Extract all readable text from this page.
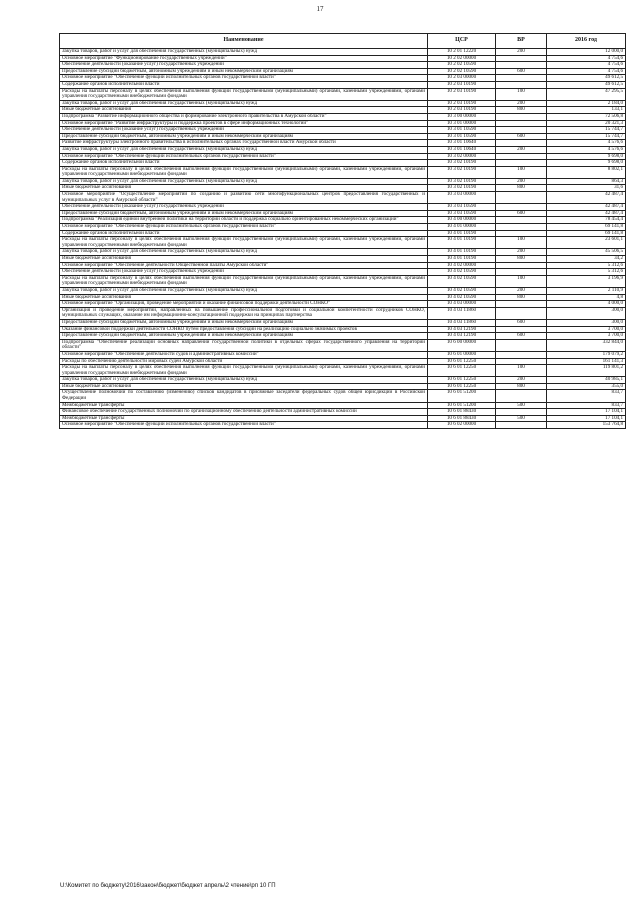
17
Наименование	ЦСР	ВР	2016 год
Закупка товаров, работ и услуг для обеспечения государственных (муниципальных) нужд	10 2 01 12220	200	12 000,0
Основное мероприятие "Функционирование государственных учреждений"	10 2 02 00000		4 754,6
Обеспечение деятельности (оказание услуг) государственных учреждений	10 2 02 10590		4 754,6
Предоставление субсидий бюджетным, автономным учреждениям и иным некоммерческим организациям	10 2 02 10590	600	4 754,6
Основное мероприятие "Обеспечение функций исполнительных органов государственной власти"	10 2 03 00000		49 612,5
Содержание органов исполнительной власти	10 2 03 10190		49 612,5
Расходы на выплаты персоналу в целях обеспечения выполнения функций государственными (муниципальными) органами, казенными учреждениями, органами управления государственными внебюджетными фондами	10 2 03 10190	100	47 295,5
Закупка товаров, работ и услуг для обеспечения государственных (муниципальных) нужд	10 2 03 10190	200	2 184,0
Иные бюджетные ассигнования	10 2 03 10190	800	133,1
Подпрограмма "Развитие информационного общества и формирование электронного правительства в Амурской области"	10 3 00 00000		72 506,8
Основное мероприятие "Развитие инфраструктуры и поддержка проектов в сфере информационных технологий"	10 3 01 00000		20 321,3
Обеспечение деятельности (оказание услуг) государственных учреждений	10 3 01 10590		15 744,7
Предоставление субсидий бюджетным, автономным учреждениям и иным некоммерческим организациям	10 3 01 10590	600	15 744,7
Развитие инфраструктуры электронного правительства в исполнительных органах государственной власти Амурской области	10 3 01 10640		4 576,6
Закупка товаров, работ и услуг для обеспечения государственных (муниципальных) нужд	10 3 01 10640	200	4 576,6
Основное мероприятие "Обеспечение функций исполнительных органов государственной власти"	10 3 02 00000		9 698,0
Содержание органов исполнительной власти	10 3 02 10190		9 698,0
Расходы на выплаты персоналу в целях обеспечения выполнения функций государственными (муниципальными) органами, казенными учреждениями, органами управления государственными внебюджетными фондами	10 3 02 10190	100	8 802,1
Закупка товаров, работ и услуг для обеспечения государственных (муниципальных) нужд	10 3 02 10190	200	864,3
Иные бюджетные ассигнования	10 3 02 10190	800	31,6
Основное мероприятие "Осуществление мероприятий по созданию и развитию сети многофункциональных центров предоставления государственных и муниципальных услуг в Амурской области"	10 3 03 00000		42 487,4
Обеспечение деятельности (оказание услуг) государственных учреждений	10 3 03 10590		42 487,4
Предоставление субсидий бюджетным, автономным учреждениям и иным некоммерческим организациям	10 3 03 10590	600	42 487,4
Подпрограмма "Реализация единой внутренней политики на территории области и поддержка социально ориентированных некоммерческих организаций"	10 4 00 00000		78 454,4
Основное мероприятие "Обеспечение функций исполнительных органов государственной власти"	10 4 01 00000		69 141,8
Содержание органов исполнительной власти	10 4 01 10190		69 141,8
Расходы на выплаты персоналу в целях обеспечения выполнения функций государственными (муниципальными) органами, казенными учреждениями, органами управления государственными внебюджетными фондами	10 4 01 10190	100	23 601,1
Закупка товаров, работ и услуг для обеспечения государственных (муниципальных) нужд	10 4 01 10190	200	45 506,5
Иные бюджетные ассигнования	10 4 01 10190	800	34,2
Основное мероприятие "Обеспечение деятельности Общественной палаты Амурской области"	10 4 02 00000		5 312,6
Обеспечение деятельности (оказание услуг) государственных учреждений	10 4 02 10590		5 312,6
Расходы на выплаты персоналу в целях обеспечения выполнения функций государственными (муниципальными) органами, казенными учреждениями, органами управления государственными внебюджетными фондами	10 4 02 10590	100	3 196,9
Закупка товаров, работ и услуг для обеспечения государственных (муниципальных) нужд	10 4 02 10590	200	2 110,9
Иные бюджетные ассигнования	10 4 02 10590	800	4,8
Основное мероприятие "Организация, проведение мероприятий и оказание финансовой поддержки деятельности СОНКО"	10 4 03 00000		4 000,0
Организация и проведение мероприятий, направленных на повышение профессиональной подготовки и социальной компетентности сотрудников СОНКО, муниципальных служащих, оказание им информационно-консультационной поддержки на принципах партнерства	10 4 03 11860		300,0
Предоставление субсидий бюджетным, автономным учреждениям и иным некоммерческим организациям	10 4 03 11860	600	300,0
Оказание финансовой поддержки деятельности СОНКО путем предоставления субсидий на реализацию социально значимых проектов	10 4 03 12190		3 700,0
Предоставление субсидий бюджетным, автономным учреждениям и иным некоммерческим организациям	10 4 03 12190	600	3 700,0
Подпрограмма "Обеспечение реализации основных направлений государственной политики в отдельных сферах государственного управления на территории области"	10 6 00 00000		332 844,0
Основное мероприятие "Обеспечение деятельности судов и административных комиссий"	10 6 01 00000		179 079,2
Расходы по обеспечению деятельности мировых судей Амурской области	10 6 01 12250		161 141,3
Расходы на выплаты персоналу в целях обеспечения выполнения функций государственными (муниципальными) органами, казенными учреждениями, органами управления государственными внебюджетными фондами	10 6 01 12250	100	119 801,2
Закупка товаров, работ и услуг для обеспечения государственных (муниципальных) нужд	10 6 01 12250	200	40 985,1
Иные бюджетные ассигнования	10 6 01 12250	800	355,0
Осуществление полномочий по составлению (изменению) списков кандидатов в присяжные заседатели федеральных судов общей юрисдикции в Российской Федерации	10 6 01 51200		833,7
Межбюджетные трансферты	10 6 01 51200	500	833,7
Финансовое обеспечение государственных полномочий по организационному обеспечению деятельности административных комиссий	10 6 01 88430		17 104,1
Межбюджетные трансферты	10 6 01 88430	500	17 104,1
Основное мероприятие "Обеспечение функций исполнительных органов государственной власти"	10 6 02 00000		153 764,8
U:\Комитет по бюджету\2016\закон\бюджет\бюджет апрель\2 чтение\рп 10 ГП
